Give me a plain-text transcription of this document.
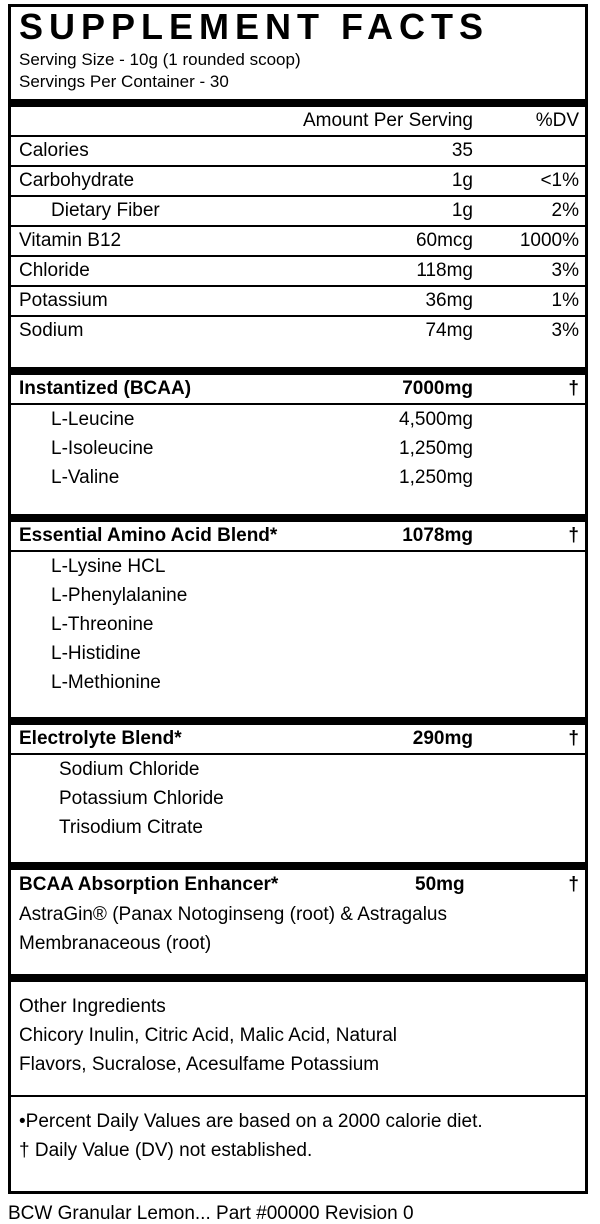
SUPPLEMENT FACTS
Serving Size - 10g (1 rounded scoop)
Servings Per Container - 30
Amount Per Serving	%DV
Calories	35
Carbohydrate	1g	<1%
Dietary Fiber	1g	2%
Vitamin B12	60mcg 1000%
Chloride	118mg	3%
Potassium	36mg	1%
Sodium	74mg	3%
Instantized (BCAA)	7000mg	†
L-Leucine	4,500mg
L-Isoleucine	1,250mg
L-Valine	1,250mg
Essential Amino Acid Blend*	1078mg	†
L-Lysine HCL
L-Phenylalanine
L-Threonine
L-Histidine
L-Methionine
Electrolyte Blend*	290mg	†
Sodium Chloride
Potassium Chloride
Trisodium Citrate
BCAA Absorption Enhancer*	50mg	†
AstraGin® (Panax Notoginseng (root) & Astragalus
Membranaceous (root)
Other Ingredients
Chicory Inulin, Citric Acid, Malic Acid, Natural
Flavors, Sucralose, Acesulfame Potassium
•Percent Daily Values are based on a 2000 calorie diet.
† Daily Value (DV) not established.
BCW Granular Lemon... Part #00000 Revision 0
